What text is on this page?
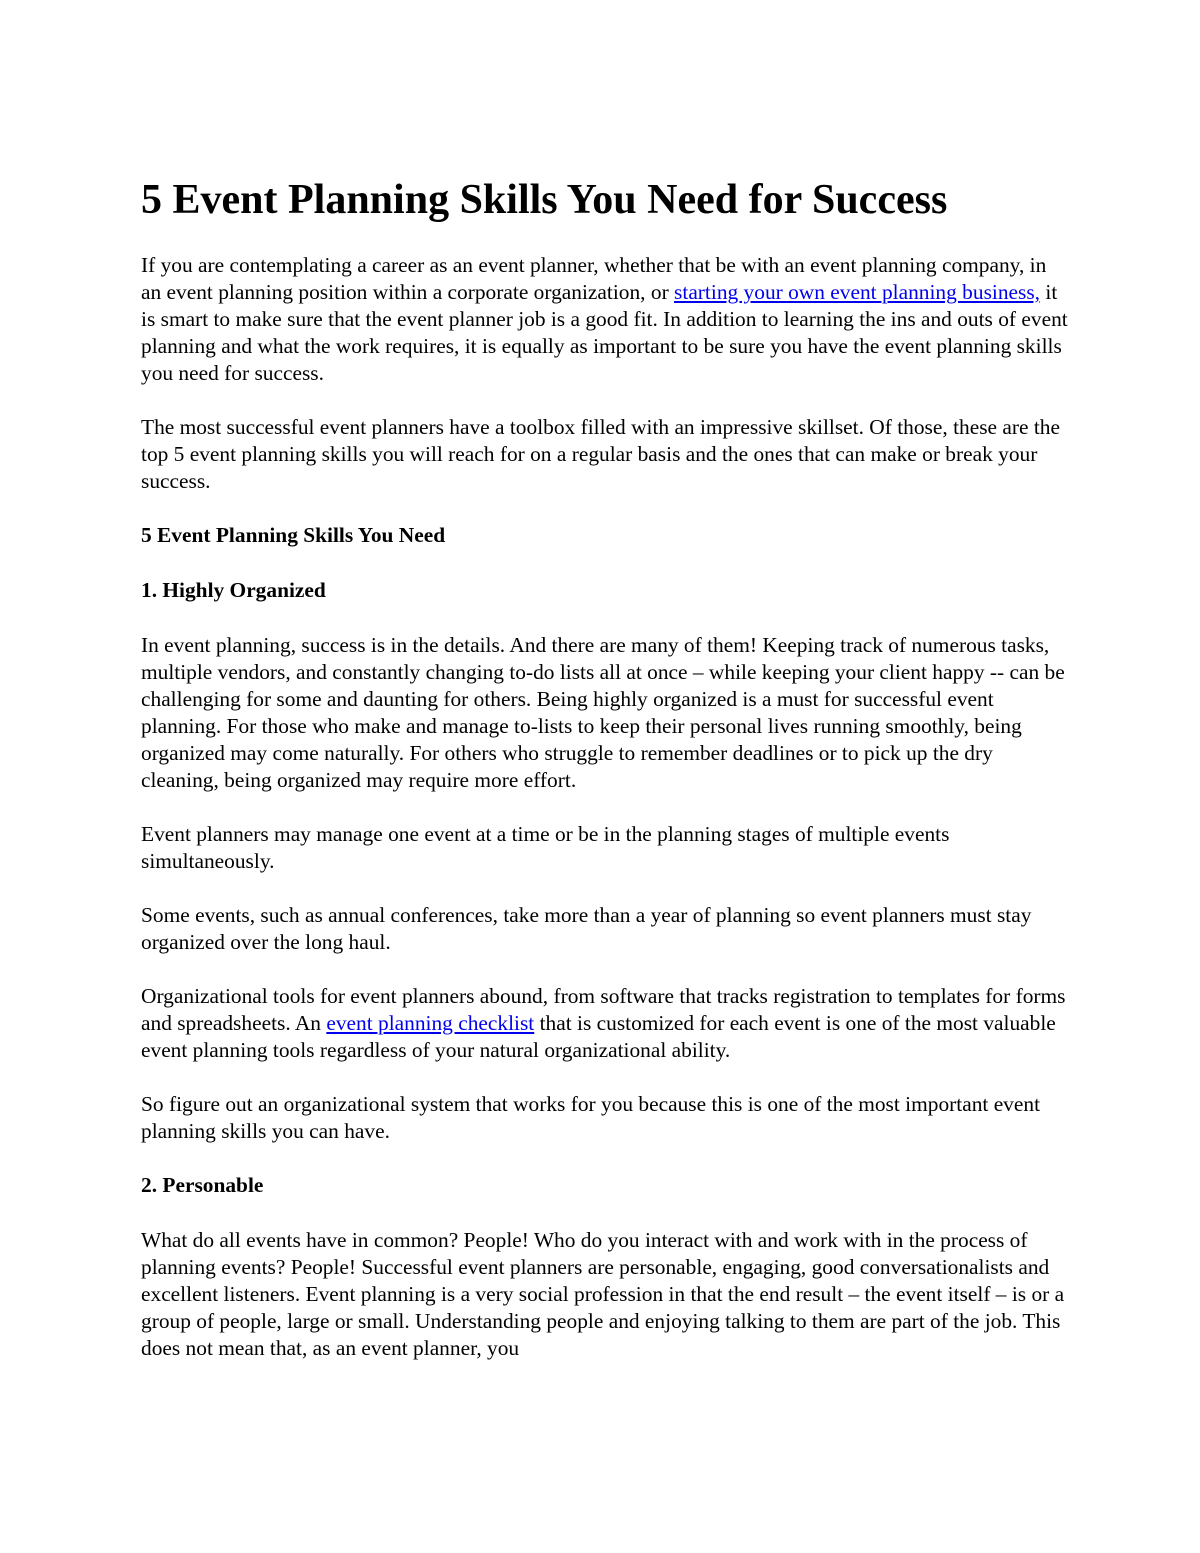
5 Event Planning Skills You Need for Success

If you are contemplating a career as an event planner, whether that be with an event planning company, in an event planning position within a corporate organization, or starting your own event planning business, it is smart to make sure that the event planner job is a good fit. In addition to learning the ins and outs of event planning and what the work requires, it is equally as important to be sure you have the event planning skills you need for success.

The most successful event planners have a toolbox filled with an impressive skillset. Of those, these are the top 5 event planning skills you will reach for on a regular basis and the ones that can make or break your success.

5 Event Planning Skills You Need
1. Highly Organized

In event planning, success is in the details. And there are many of them! Keeping track of numerous tasks, multiple vendors, and constantly changing to-do lists all at once – while keeping your client happy -- can be challenging for some and daunting for others. Being highly organized is a must for successful event planning. For those who make and manage to-lists to keep their personal lives running smoothly, being organized may come naturally. For others who struggle to remember deadlines or to pick up the dry cleaning, being organized may require more effort.

Event planners may manage one event at a time or be in the planning stages of multiple events simultaneously.

Some events, such as annual conferences, take more than a year of planning so event planners must stay organized over the long haul.

Organizational tools for event planners abound, from software that tracks registration to templates for forms and spreadsheets. An event planning checklist that is customized for each event is one of the most valuable event planning tools regardless of your natural organizational ability.

So figure out an organizational system that works for you because this is one of the most important event planning skills you can have.

2. Personable

What do all events have in common? People! Who do you interact with and work with in the process of planning events? People! Successful event planners are personable, engaging, good conversationalists and excellent listeners. Event planning is a very social profession in that the end result – the event itself – is or a group of people, large or small. Understanding people and enjoying talking to them are part of the job. This does not mean that, as an event planner, you
